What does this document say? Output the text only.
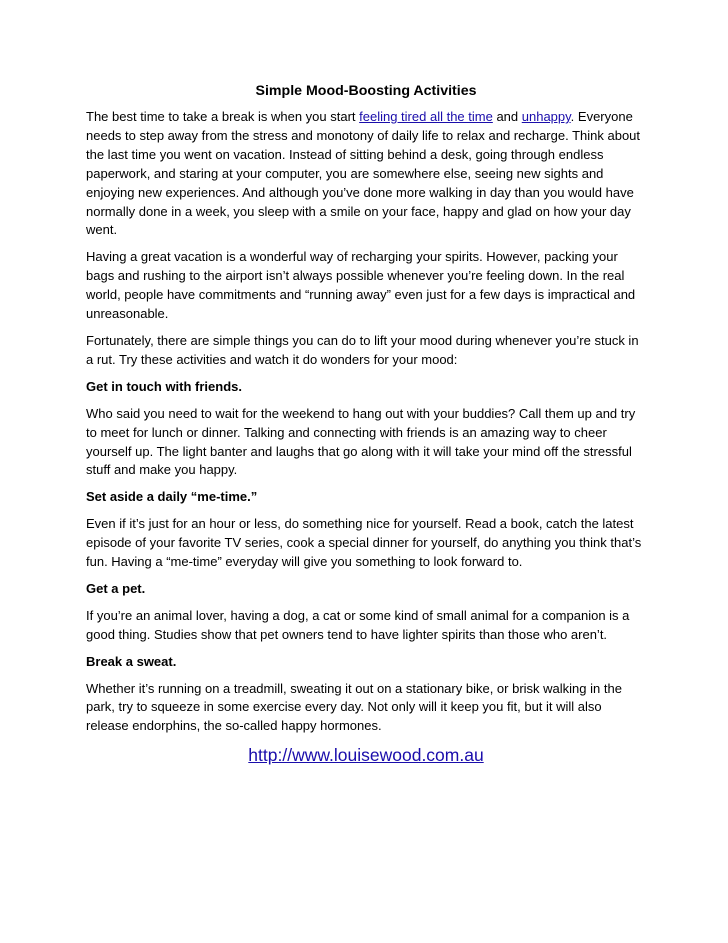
Simple Mood-Boosting Activities

The best time to take a break is when you start feeling tired all the time and unhappy. Everyone needs to step away from the stress and monotony of daily life to relax and recharge. Think about the last time you went on vacation. Instead of sitting behind a desk, going through endless paperwork, and staring at your computer, you are somewhere else, seeing new sights and enjoying new experiences. And although you’ve done more walking in day than you would have normally done in a week, you sleep with a smile on your face, happy and glad on how your day went.

Having a great vacation is a wonderful way of recharging your spirits. However, packing your bags and rushing to the airport isn’t always possible whenever you’re feeling down. In the real world, people have commitments and “running away” even just for a few days is impractical and unreasonable.

Fortunately, there are simple things you can do to lift your mood during whenever you’re stuck in a rut. Try these activities and watch it do wonders for your mood:

Get in touch with friends.

Who said you need to wait for the weekend to hang out with your buddies? Call them up and try to meet for lunch or dinner. Talking and connecting with friends is an amazing way to cheer yourself up. The light banter and laughs that go along with it will take your mind off the stressful stuff and make you happy.

Set aside a daily “me-time.”

Even if it’s just for an hour or less, do something nice for yourself. Read a book, catch the latest episode of your favorite TV series, cook a special dinner for yourself, do anything you think that’s fun. Having a “me-time” everyday will give you something to look forward to.

Get a pet.

If you’re an animal lover, having a dog, a cat or some kind of small animal for a companion is a good thing. Studies show that pet owners tend to have lighter spirits than those who aren’t.

Break a sweat.

Whether it’s running on a treadmill, sweating it out on a stationary bike, or brisk walking in the park, try to squeeze in some exercise every day. Not only will it keep you fit, but it will also release endorphins, the so-called happy hormones.

http://www.louisewood.com.au
